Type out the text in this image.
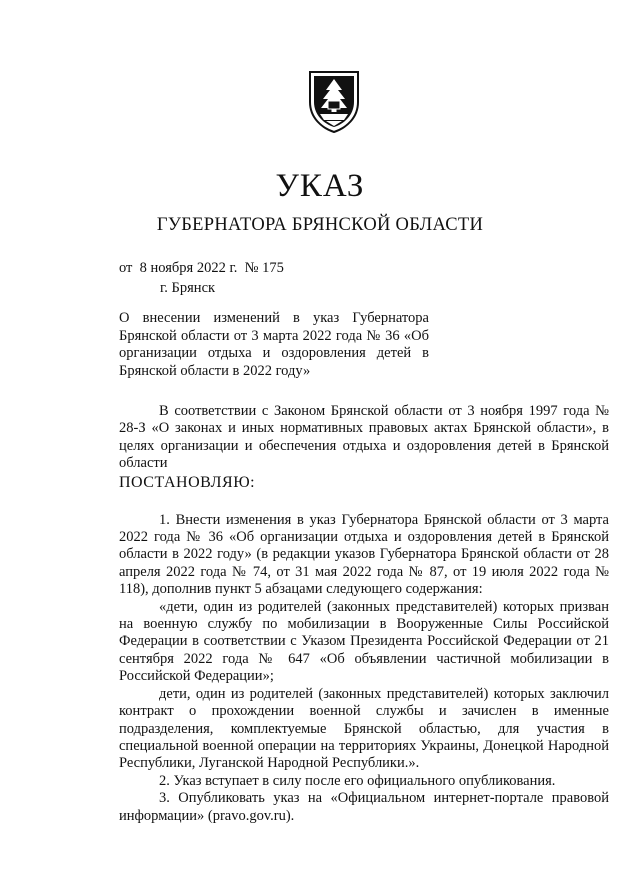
УКАЗ
ГУБЕРНАТОРА БРЯНСКОЙ ОБЛАСТИ
от  8 ноября 2022 г.  № 175
г. Брянск
О внесении изменений в указ Губернатора Брянской области от 3 марта 2022 года № 36 «Об организации отдыха и оздоровления детей в Брянской области в 2022 году»

В соответствии с Законом Брянской области от 3 ноября 1997 года № 28-З «О законах и иных нормативных правовых актах Брянской области», в целях организации и обеспечения отдыха и оздоровления детей в Брянской области

ПОСТАНОВЛЯЮ:

1. Внести изменения в указ Губернатора Брянской области от 3 марта 2022 года № 36 «Об организации отдыха и оздоровления детей в Брянской области в 2022 году» (в редакции указов Губернатора Брянской области от 28 апреля 2022 года № 74, от 31 мая 2022 года № 87, от 19 июля 2022 года № 118), дополнив пункт 5 абзацами следующего содержания:

«дети, один из родителей (законных представителей) которых призван на военную службу по мобилизации в Вооруженные Силы Российской Федерации в соответствии с Указом Президента Российской Федерации от 21 сентября 2022 года № 647 «Об объявлении частичной мобилизации в Российской Федерации»;

дети, один из родителей (законных представителей) которых заключил контракт о прохождении военной службы и зачислен в именные подразделения, комплектуемые Брянской областью, для участия в специальной военной операции на территориях Украины, Донецкой Народной Республики, Луганской Народной Республики.».

2. Указ вступает в силу после его официального опубликования.

3. Опубликовать указ на «Официальном интернет-портале правовой информации» (pravo.gov.ru).
